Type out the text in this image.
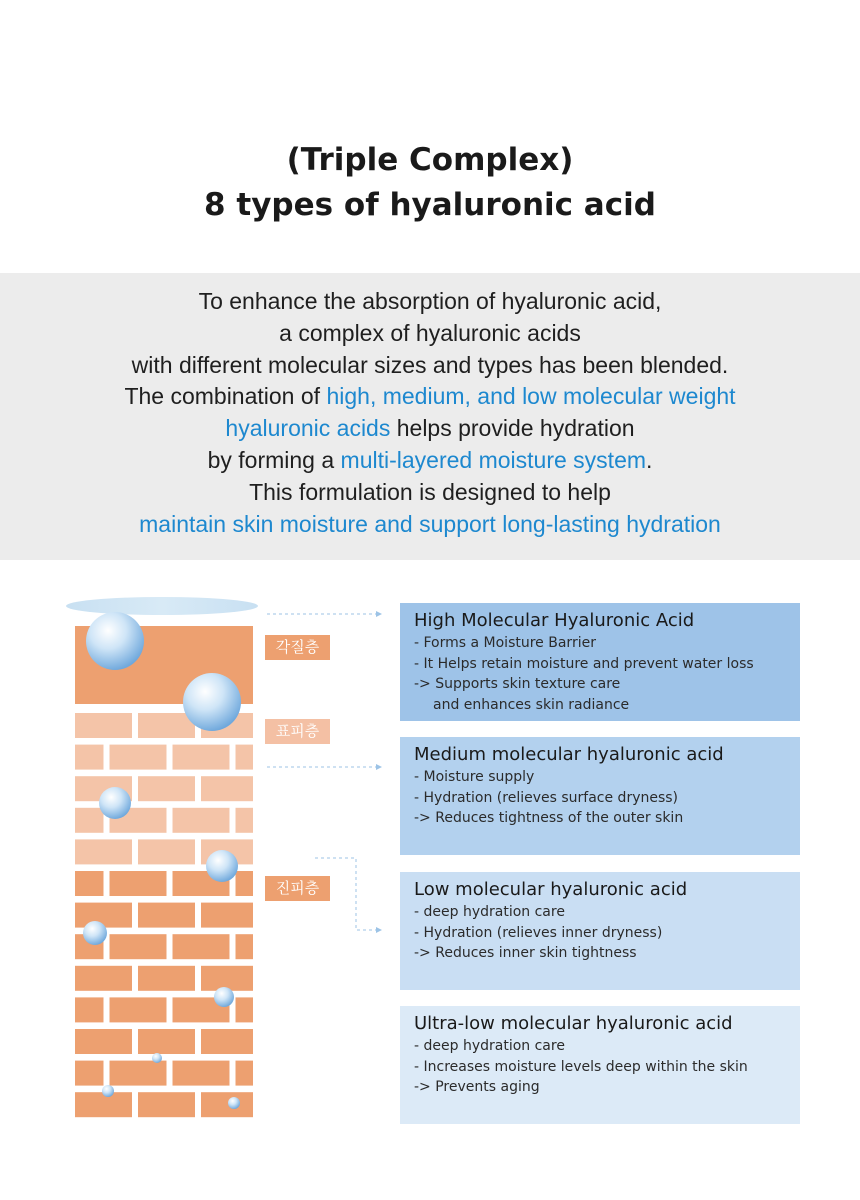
(Triple Complex)
8 types of hyaluronic acid
To enhance the absorption of hyaluronic acid,
a complex of hyaluronic acids
with different molecular sizes and types has been blended.
The combination of high, medium, and low molecular weight
hyaluronic acids helps provide hydration
by forming a multi-layered moisture system.
This formulation is designed to help
maintain skin moisture and support long-lasting hydration
각질층
표피층
진피층
High Molecular Hyaluronic Acid
- Forms a Moisture Barrier
- It Helps retain moisture and prevent water loss
-> Supports skin texture care
and enhances skin radiance
Medium molecular hyaluronic acid
- Moisture supply
- Hydration (relieves surface dryness)
-> Reduces tightness of the outer skin
Low molecular hyaluronic acid
- deep hydration care
- Hydration (relieves inner dryness)
-> Reduces inner skin tightness
Ultra-low molecular hyaluronic acid
- deep hydration care
- Increases moisture levels deep within the skin
-> Prevents aging
